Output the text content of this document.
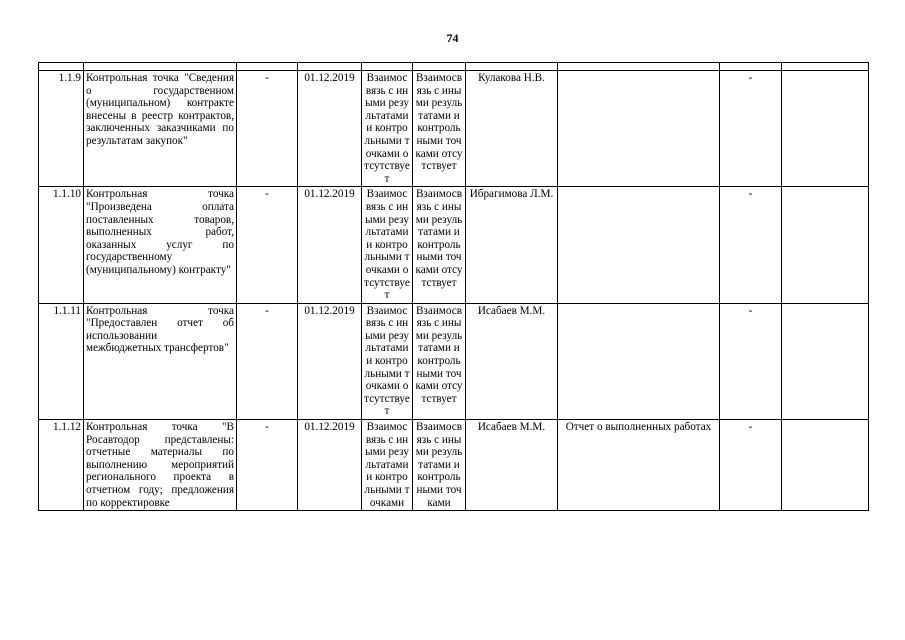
74

1.1.9	Контрольная точка "Сведения о государственном (муниципальном) контракте внесены в реестр контрактов, заключенных заказчиками по результатам закупок"	-	01.12.2019	Взаимосвязь с иными результатами и контрольными точками отсутствует	Взаимосвязь с иными результатами и контрольными точками отсутствует	Кулакова Н.В.		-	
1.1.10	Контрольная точка "Произведена оплата поставленных товаров, выполненных работ, оказанных услуг по государственному (муниципальному) контракту"	-	01.12.2019	Взаимосвязь с иными результатами и контрольными точками отсутствует	Взаимосвязь с иными результатами и контрольными точками отсутствует	Ибрагимова Л.М.		-	
1.1.11	Контрольная точка "Предоставлен отчет об использовании межбюджетных трансфертов"	-	01.12.2019	Взаимосвязь с иными результатами и контрольными точками отсутствует	Взаимосвязь с иными результатами и контрольными точками отсутствует	Исабаев М.М.		-	
1.1.12	Контрольная точка "В Росавтодор представлены: отчетные материалы по выполнению мероприятий регионального проекта в отчетном году; предложения по корректировке	-	01.12.2019	Взаимосвязь с иными результатами и контрольными точками	Взаимосвязь с иными результатами и контрольными точками	Исабаев М.М.	Отчет о выполненных работах	-	
